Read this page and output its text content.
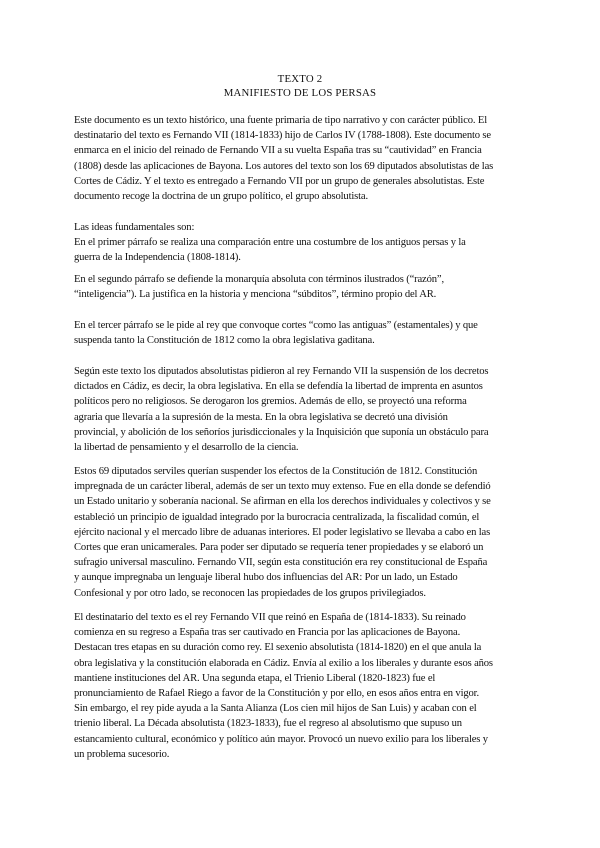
TEXTO 2
MANIFIESTO DE LOS PERSAS
Este documento es un texto histórico, una fuente primaria de tipo narrativo y con carácter público. El
destinatario del texto es Fernando VII (1814-1833) hijo de Carlos IV (1788-1808). Este documento se
enmarca en el inicio del reinado de Fernando VII a su vuelta España tras su “cautividad” en Francia
(1808) desde las aplicaciones de Bayona. Los autores del texto son los 69 diputados absolutistas de las
Cortes de Cádiz. Y el texto es entregado a Fernando VII por un grupo de generales absolutistas. Este
documento recoge la doctrina de un grupo político, el grupo absolutista.
Las ideas fundamentales son:
En el primer párrafo se realiza una comparación entre una costumbre de los antiguos persas y la
guerra de la Independencia (1808-1814).
En el segundo párrafo se defiende la monarquía absoluta con términos ilustrados (“razón”,
“inteligencia”). La justifica en la historia y menciona “súbditos”, término propio del AR.
En el tercer párrafo se le pide al rey que convoque cortes “como las antiguas” (estamentales) y que
suspenda tanto la Constitución de 1812 como la obra legislativa gaditana.
Según este texto los diputados absolutistas pidieron al rey Fernando VII la suspensión de los decretos
dictados en Cádiz, es decir, la obra legislativa. En ella se defendía la libertad de imprenta en asuntos
políticos pero no religiosos. Se derogaron los gremios. Además de ello, se proyectó una reforma
agraria que llevaría a la supresión de la mesta. En la obra legislativa se decretó una división
provincial, y abolición de los señoríos jurisdiccionales y la Inquisición que suponía un obstáculo para
la libertad de pensamiento y el desarrollo de la ciencia.
Estos 69 diputados serviles querían suspender los efectos de la Constitución de 1812. Constitución
impregnada de un carácter liberal, además de ser un texto muy extenso. Fue en ella donde se defendió
un Estado unitario y soberanía nacional. Se afirman en ella los derechos individuales y colectivos y se
estableció un principio de igualdad integrado por la burocracia centralizada, la fiscalidad común, el
ejército nacional y el mercado libre de aduanas interiores. El poder legislativo se llevaba a cabo en las
Cortes que eran unicamerales. Para poder ser diputado se requería tener propiedades y se elaboró un
sufragio universal masculino. Fernando VII, según esta constitución era rey constitucional de España
y aunque impregnaba un lenguaje liberal hubo dos influencias del AR: Por un lado, un Estado
Confesional y por otro lado, se reconocen las propiedades de los grupos privilegiados.
El destinatario del texto es el rey Fernando VII que reinó en España de (1814-1833). Su reinado
comienza en su regreso a España tras ser cautivado en Francia por las aplicaciones de Bayona.
Destacan tres etapas en su duración como rey. El sexenio absolutista (1814-1820) en el que anula la
obra legislativa y la constitución elaborada en Cádiz. Envía al exilio a los liberales y durante esos años
mantiene instituciones del AR. Una segunda etapa, el Trienio Liberal (1820-1823) fue el
pronunciamiento de Rafael Riego a favor de la Constitución y por ello, en esos años entra en vigor.
Sin embargo, el rey pide ayuda a la Santa Alianza (Los cien mil hijos de San Luis) y acaban con el
trienio liberal. La Década absolutista (1823-1833), fue el regreso al absolutismo que supuso un
estancamiento cultural, económico y político aún mayor. Provocó un nuevo exilio para los liberales y
un problema sucesorio.
